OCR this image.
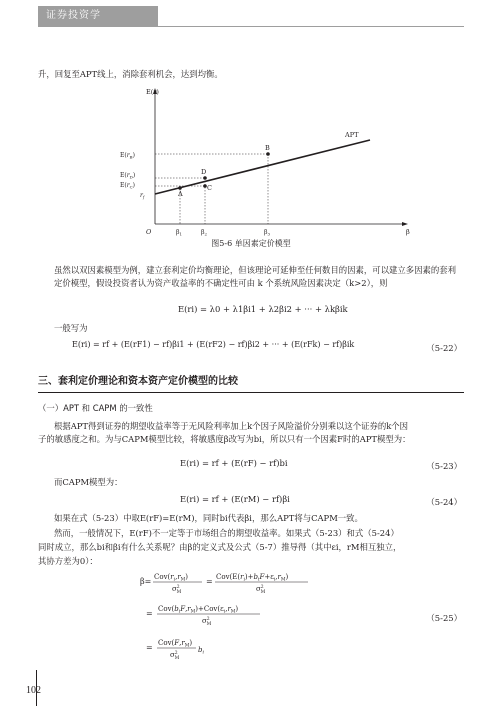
证券投资学
升，回复至APT线上，消除套利机会，达到均衡。
E(r)
β
APT
B
D
A
C
$E(r_B)$
$E(r_D)$
$E(r_C)$
$r_f$
O	$\beta_1$	$\beta_2$	$\beta_3$
图5-6 单因素定价模型
虽然以双因素模型为例，建立套利定价均衡理论，但该理论可延伸至任何数目的因素，可以建立多因素的套利定价模型，假设投资者认为资产收益率的不确定性可由 k 个系统风险因素决定（k>2），则
E(ri) = λ0 + λ1βi1 + λ2βi2 + ··· + λkβik
一般写为
E(ri) = rf + (E(rF1) − rf)βi1 + (E(rF2) − rf)βi2 + ··· + (E(rFk) − rf)βik	（5-22）
三、套利定价理论和资本资产定价模型的比较
（一）APT 和 CAPM 的一致性
根据APT得到证券的期望收益率等于无风险利率加上k个因子风险溢价分别乘以这个证券的k个因
子的敏感度之和。为与CAPM模型比较，将敏感度β改写为bi，所以只有一个因素F时的APT模型为：
E(ri) = rf + (E(rF) − rf)bi	（5-23）
而CAPM模型为：
E(ri) = rf + (E(rM) − rf)βi	（5-24）
如果在式（5-23）中取E(rF)=E(rM)，同时bi代表βi，那么APT将与CAPM一致。
然而，一般情况下，E(rF)不一定等于市场组合的期望收益率。如果式（5-23）和式（5-24）
同时成立，那么bi和βi有什么关系呢？由β的定义式及公式（5-7）推导得（其中εi，rM相互独立，
其协方差为0）：
$\beta= Cov(r_i,r_M)$
$\sigma^2$ M
= $Cov(E(r_i)+b_iF+\varepsilon_i,r_M)$
$\sigma^2$ M
= $Cov(b_iF,r_M)+Cov(\varepsilon_i,r_M)$
$\sigma^2$ M
= $Cov(F,r_M)$
$\sigma^2$ M
$b_i$
（5-25）
102
